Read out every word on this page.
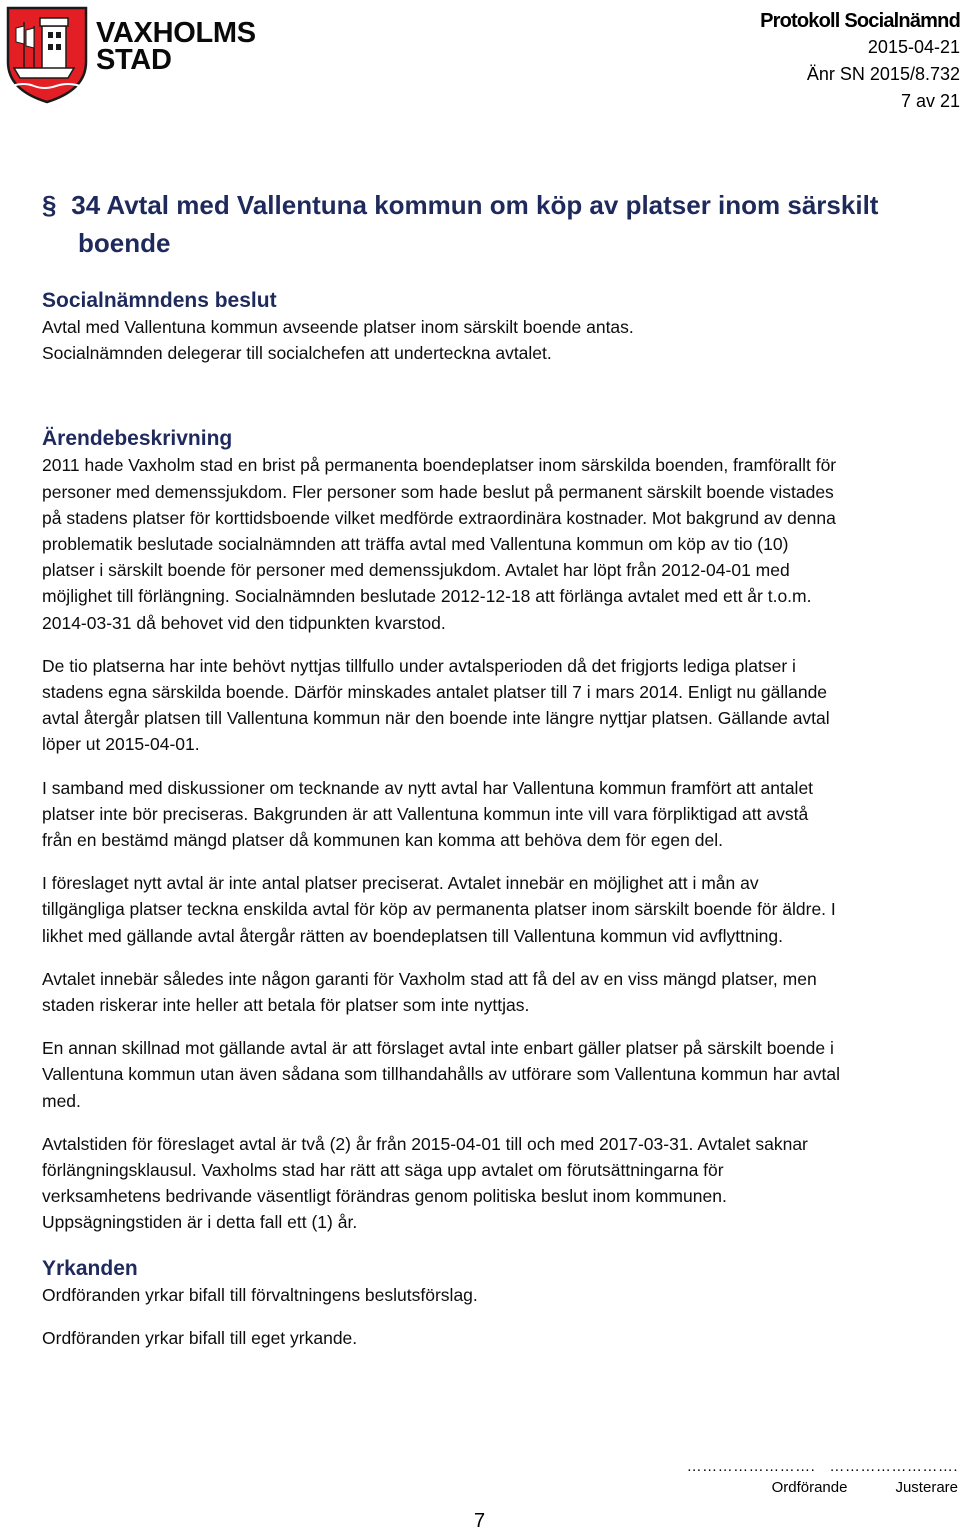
VAXHOLMS
STAD
Protokoll Socialnämnd
2015-04-21
Änr SN 2015/8.732
7 av 21
§ 34 Avtal med Vallentuna kommun om köp av platser inom särskilt
boende
Socialnämndens beslut

Avtal med Vallentuna kommun avseende platser inom särskilt boende antas.

Socialnämnden delegerar till socialchefen att underteckna avtalet.

Ärendebeskrivning

2011 hade Vaxholm stad en brist på permanenta boendeplatser inom särskilda boenden, framförallt för
personer med demenssjukdom. Fler personer som hade beslut på permanent särskilt boende vistades
på stadens platser för korttidsboende vilket medförde extraordinära kostnader. Mot bakgrund av denna
problematik beslutade socialnämnden att träffa avtal med Vallentuna kommun om köp av tio (10)
platser i särskilt boende för personer med demenssjukdom. Avtalet har löpt från 2012-04-01 med
möjlighet till förlängning. Socialnämnden beslutade 2012-12-18 att förlänga avtalet med ett år t.o.m.
2014-03-31 då behovet vid den tidpunkten kvarstod.

De tio platserna har inte behövt nyttjas tillfullo under avtalsperioden då det frigjorts lediga platser i
stadens egna särskilda boende. Därför minskades antalet platser till 7 i mars 2014. Enligt nu gällande
avtal återgår platsen till Vallentuna kommun när den boende inte längre nyttjar platsen. Gällande avtal
löper ut 2015-04-01.

I samband med diskussioner om tecknande av nytt avtal har Vallentuna kommun framfört att antalet
platser inte bör preciseras. Bakgrunden är att Vallentuna kommun inte vill vara förpliktigad att avstå
från en bestämd mängd platser då kommunen kan komma att behöva dem för egen del.

I föreslaget nytt avtal är inte antal platser preciserat. Avtalet innebär en möjlighet att i mån av
tillgängliga platser teckna enskilda avtal för köp av permanenta platser inom särskilt boende för äldre. I
likhet med gällande avtal återgår rätten av boendeplatsen till Vallentuna kommun vid avflyttning.

Avtalet innebär således inte någon garanti för Vaxholm stad att få del av en viss mängd platser, men
staden riskerar inte heller att betala för platser som inte nyttjas.

En annan skillnad mot gällande avtal är att förslaget avtal inte enbart gäller platser på särskilt boende i
Vallentuna kommun utan även sådana som tillhandahålls av utförare som Vallentuna kommun har avtal
med.

Avtalstiden för föreslaget avtal är två (2) år från 2015-04-01 till och med 2017-03-31. Avtalet saknar
förlängningsklausul. Vaxholms stad har rätt att säga upp avtalet om förutsättningarna för
verksamhetens bedrivande väsentligt förändras genom politiska beslut inom kommunen.
Uppsägningstiden är i detta fall ett (1) år.

Yrkanden

Ordföranden yrkar bifall till förvaltningens beslutsförslag.

Ordföranden yrkar bifall till eget yrkande.

……………………. …………………….
Ordförande	Justerare
7
